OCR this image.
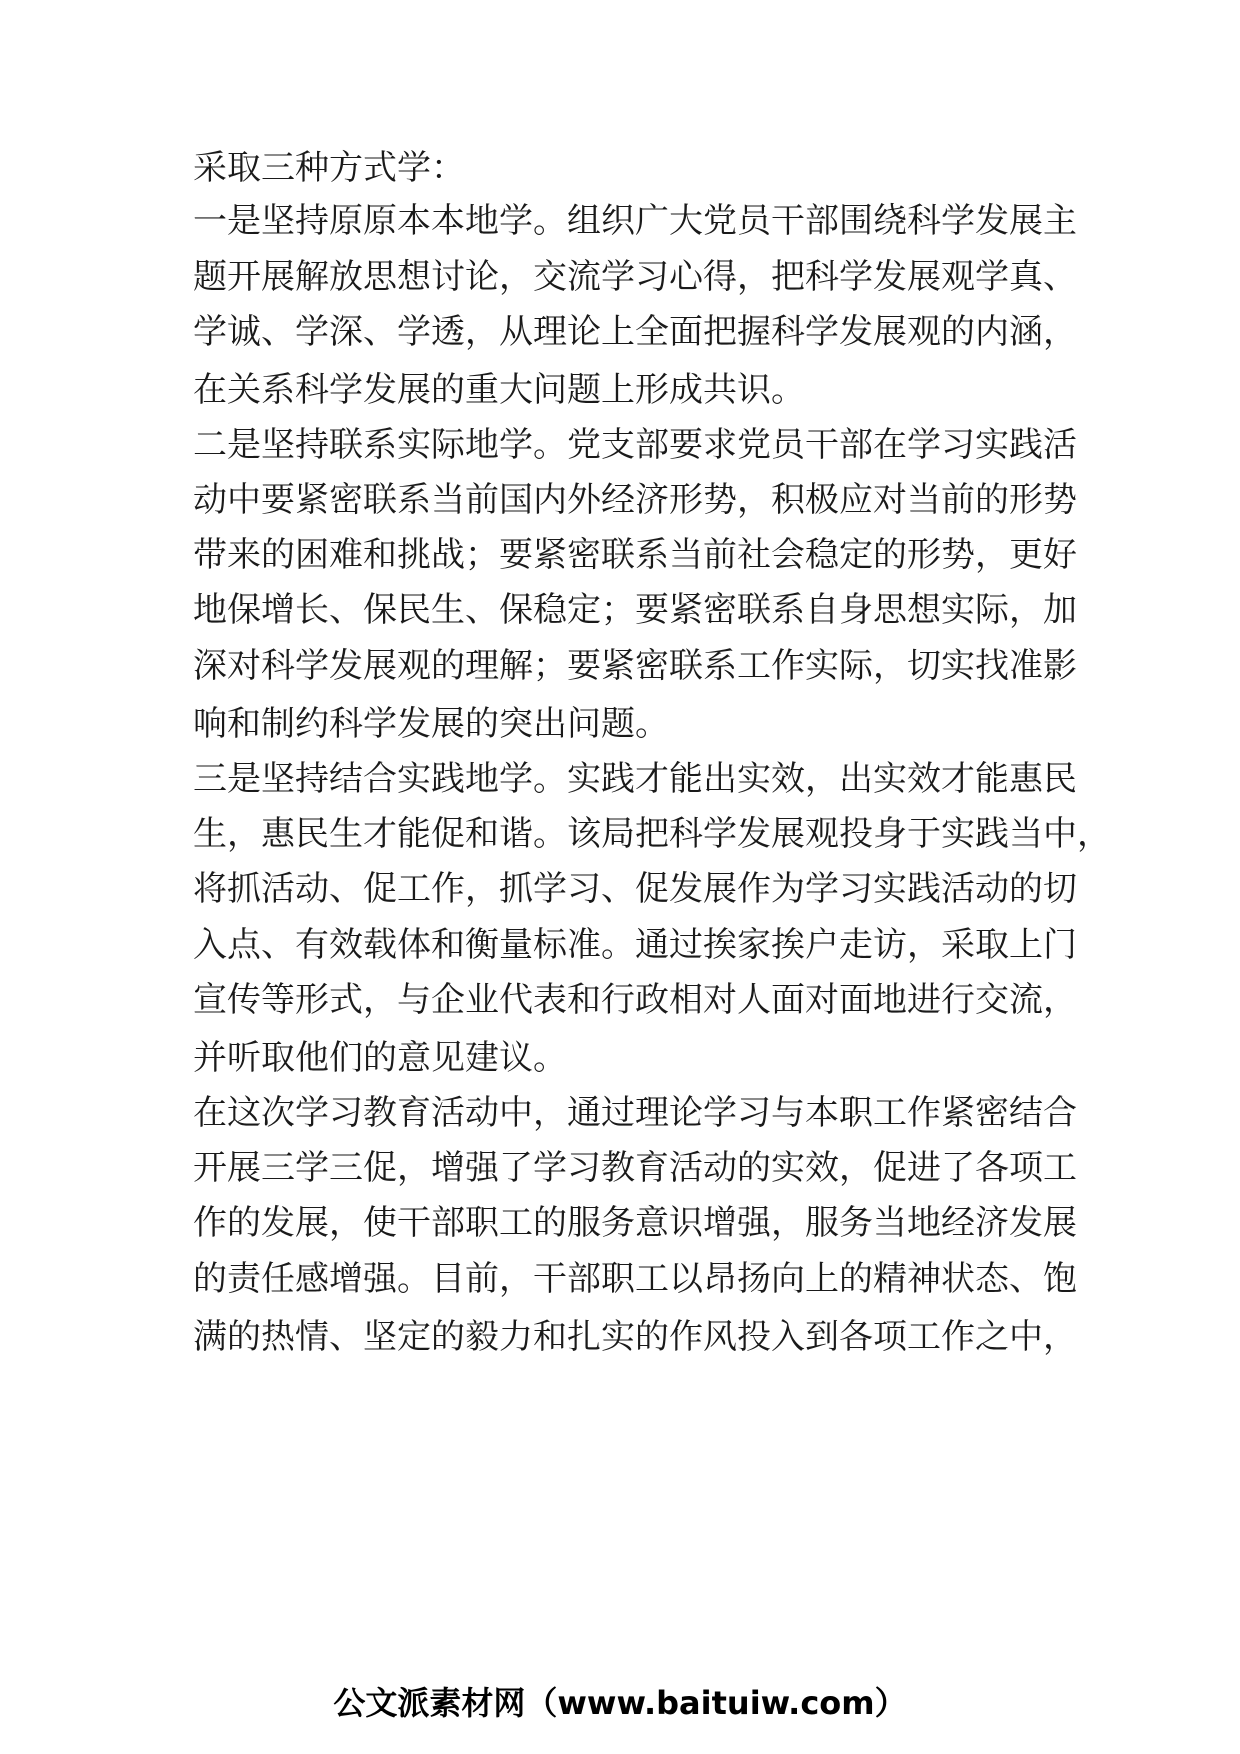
采取三种方式学：
一是坚持原原本本地学。组织广大党员干部围绕科学发展主
题开展解放思想讨论，交流学习心得，把科学发展观学真、
学诚、学深、学透，从理论上全面把握科学发展观的内涵，
在关系科学发展的重大问题上形成共识。
二是坚持联系实际地学。党支部要求党员干部在学习实践活
动中要紧密联系当前国内外经济形势，积极应对当前的形势
带来的困难和挑战；要紧密联系当前社会稳定的形势，更好
地保增长、保民生、保稳定；要紧密联系自身思想实际，加
深对科学发展观的理解；要紧密联系工作实际，切实找准影
响和制约科学发展的突出问题。
三是坚持结合实践地学。实践才能出实效，出实效才能惠民
生，惠民生才能促和谐。该局把科学发展观投身于实践当中，
将抓活动、促工作，抓学习、促发展作为学习实践活动的切
入点、有效载体和衡量标准。通过挨家挨户走访，采取上门
宣传等形式，与企业代表和行政相对人面对面地进行交流，
并听取他们的意见建议。
在这次学习教育活动中，通过理论学习与本职工作紧密结合
开展三学三促，增强了学习教育活动的实效，促进了各项工
作的发展，使干部职工的服务意识增强，服务当地经济发展
的责任感增强。目前，干部职工以昂扬向上的精神状态、饱
满的热情、坚定的毅力和扎实的作风投入到各项工作之中，
公文派素材网（www.baituiw.com）
